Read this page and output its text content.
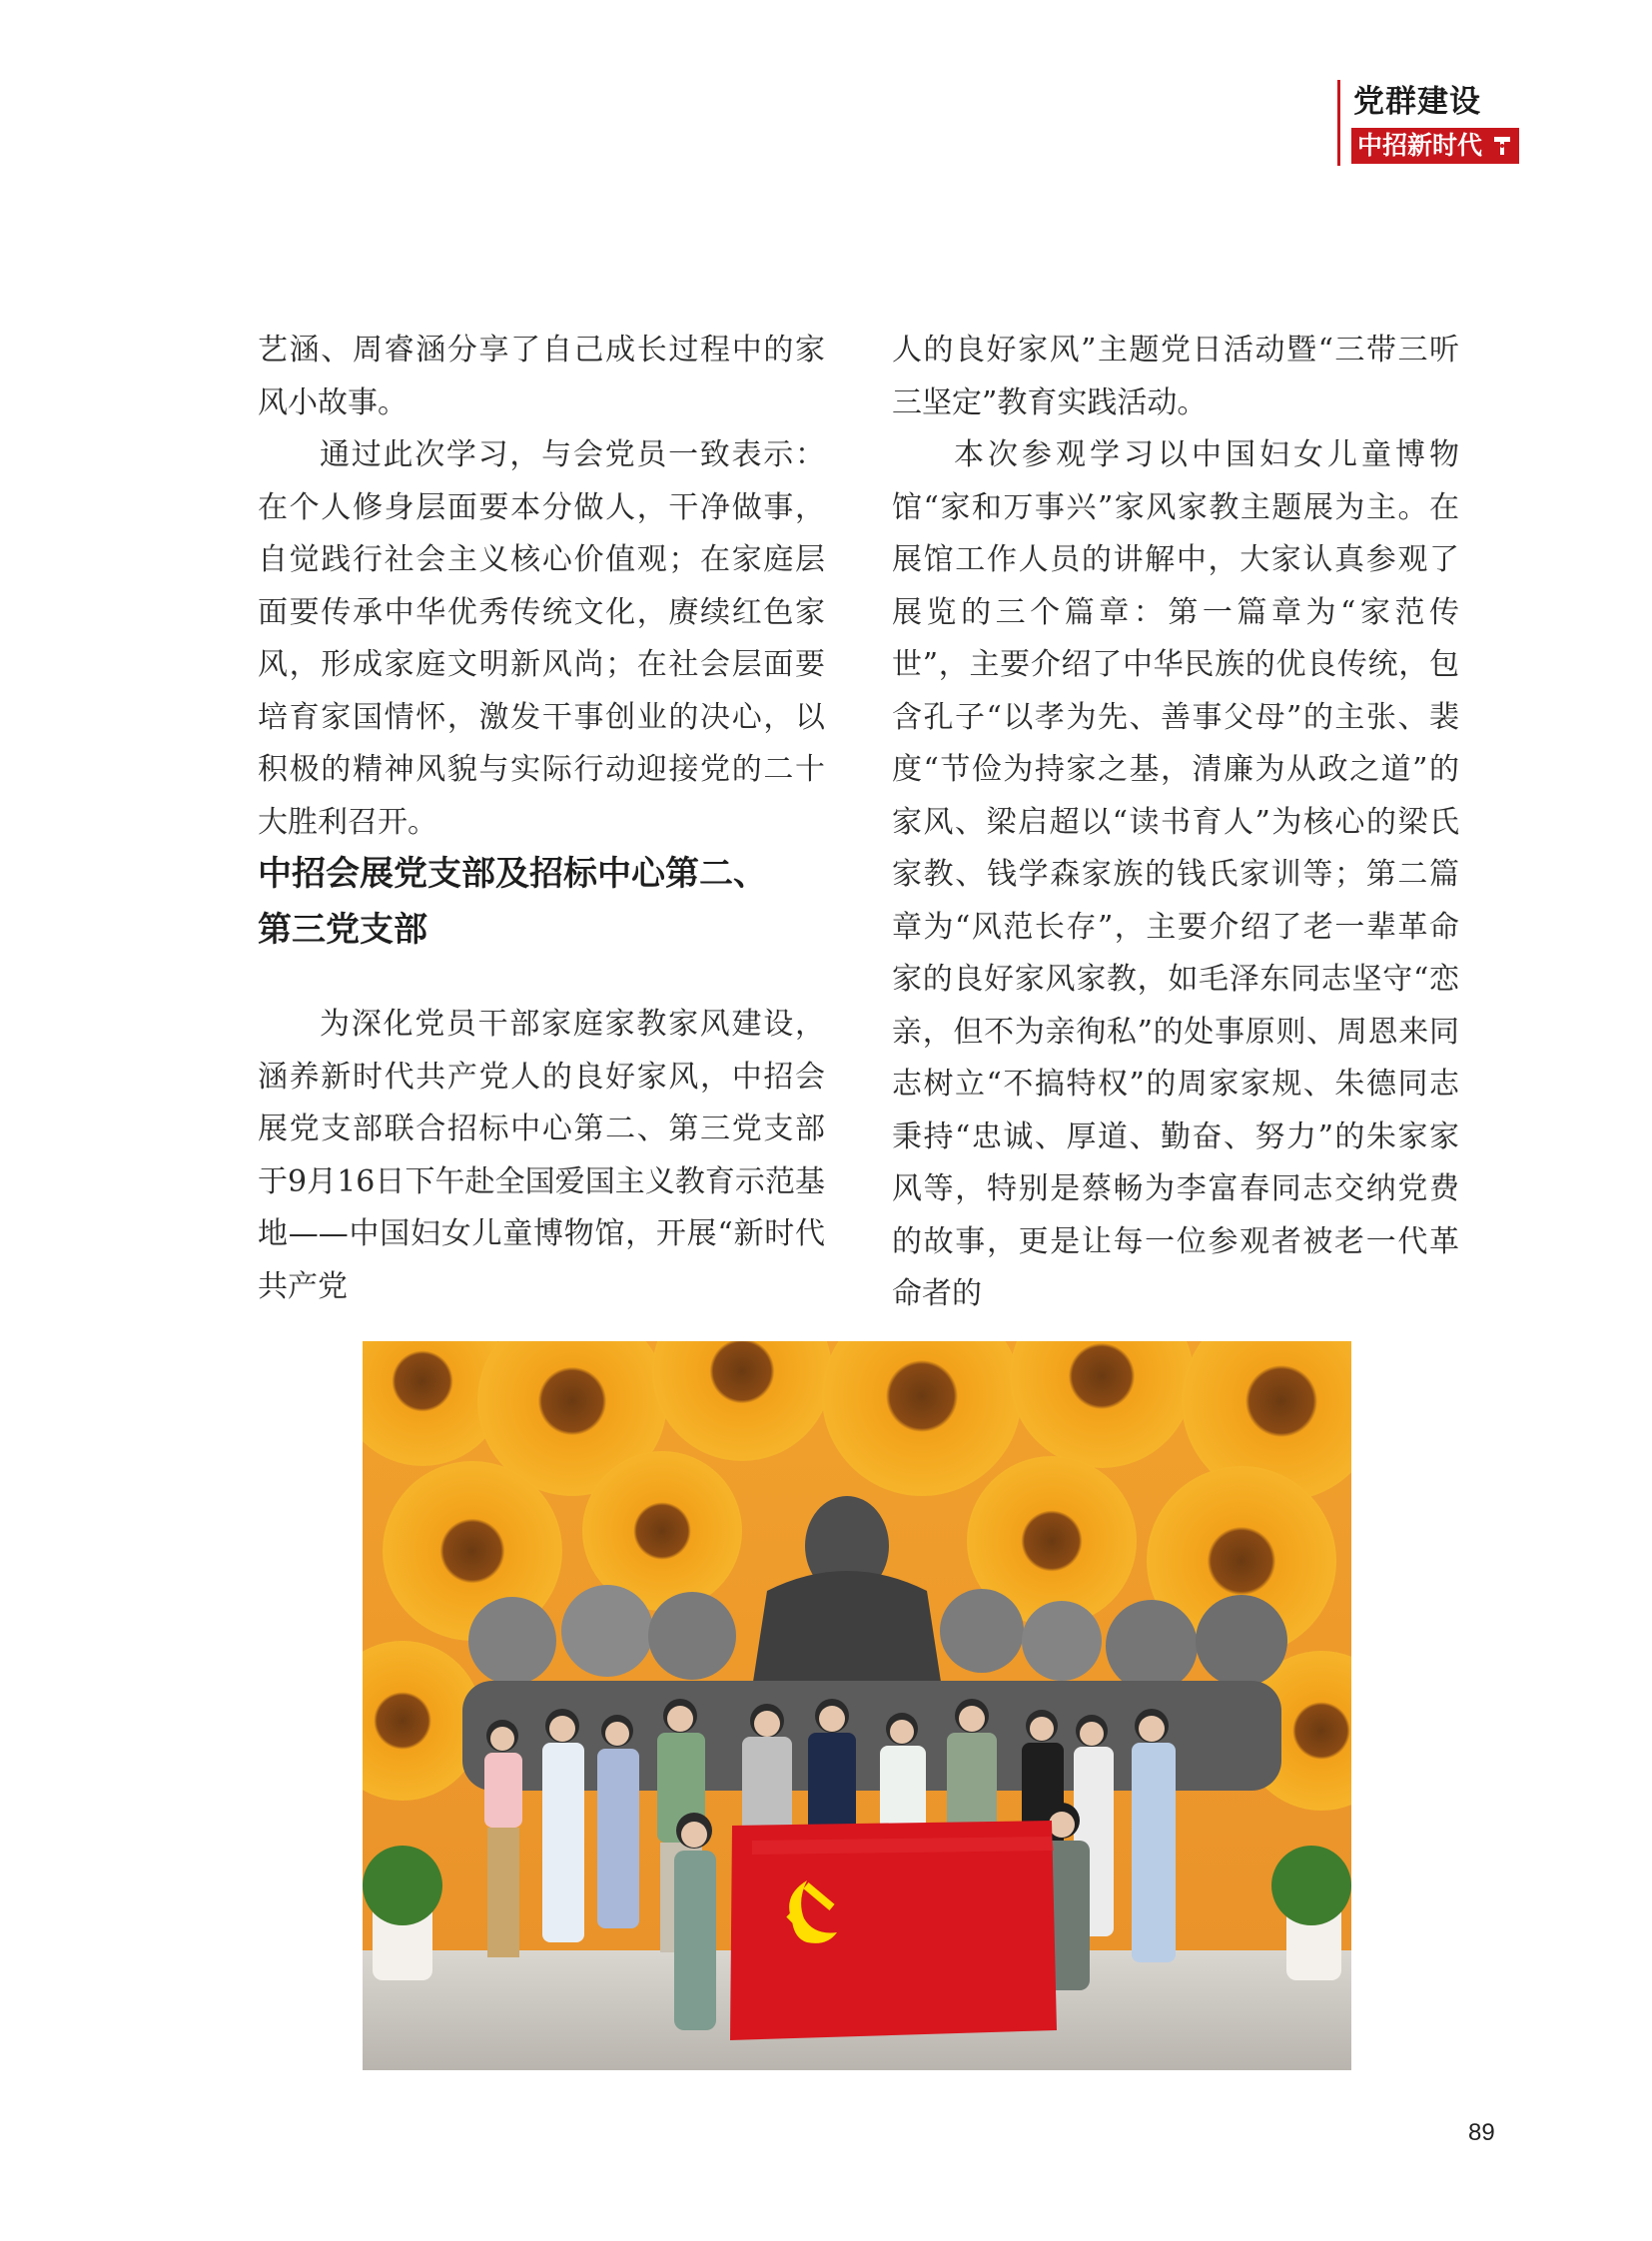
党群建设
中招新时代

艺涵、周睿涵分享了自己成长过程中的家风小故事。

通过此次学习，与会党员一致表示：在个人修身层面要本分做人，干净做事，自觉践行社会主义核心价值观；在家庭层面要传承中华优秀传统文化，赓续红色家风，形成家庭文明新风尚；在社会层面要培育家国情怀，激发干事创业的决心，以积极的精神风貌与实际行动迎接党的二十大胜利召开。

中招会展党支部及招标中心第二、
第三党支部

为深化党员干部家庭家教家风建设，涵养新时代共产党人的良好家风，中招会展党支部联合招标中心第二、第三党支部于9月16日下午赴全国爱国主义教育示范基地——中国妇女儿童博物馆，开展“新时代共产党

人的良好家风”主题党日活动暨“三带三听三坚定”教育实践活动。

本次参观学习以中国妇女儿童博物馆“家和万事兴”家风家教主题展为主。在展馆工作人员的讲解中，大家认真参观了展览的三个篇章：第一篇章为“家范传世”，主要介绍了中华民族的优良传统，包含孔子“以孝为先、善事父母”的主张、裴度“节俭为持家之基，清廉为从政之道”的家风、梁启超以“读书育人”为核心的梁氏家教、钱学森家族的钱氏家训等；第二篇章为“风范长存”，主要介绍了老一辈革命家的良好家风家教，如毛泽东同志坚守“恋亲，但不为亲徇私”的处事原则、周恩来同志树立“不搞特权”的周家家规、朱德同志秉持“忠诚、厚道、勤奋、努力”的朱家家风等，特别是蔡畅为李富春同志交纳党费的故事，更是让每一位参观者被老一代革命者的

89
